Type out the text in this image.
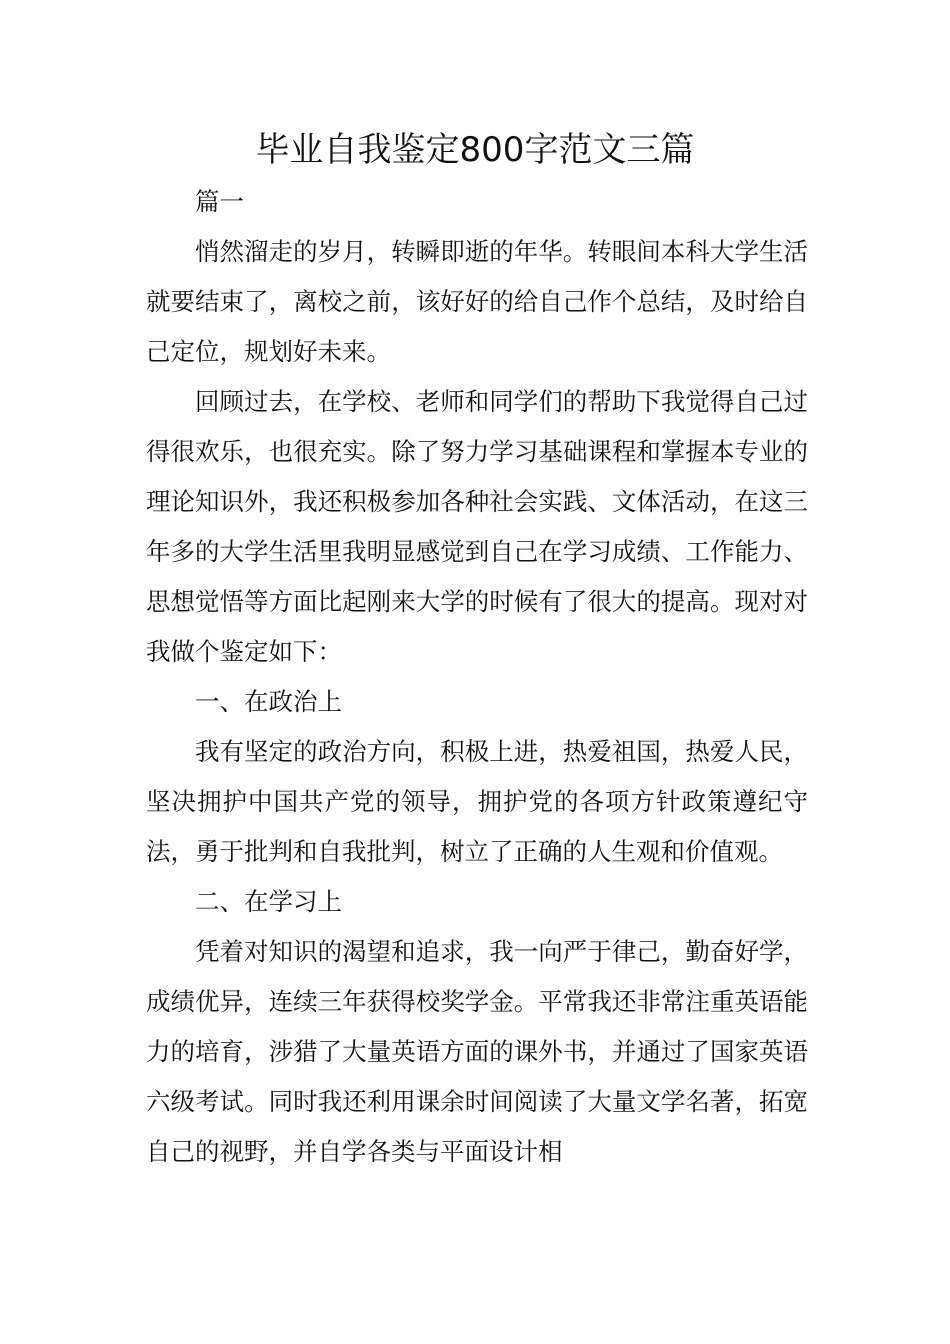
毕业自我鉴定800字范文三篇

篇一

悄然溜走的岁月，转瞬即逝的年华。转眼间本科大学生活就要结束了，离校之前，该好好的给自己作个总结，及时给自己定位，规划好未来。

回顾过去，在学校、老师和同学们的帮助下我觉得自己过得很欢乐，也很充实。除了努力学习基础课程和掌握本专业的理论知识外，我还积极参加各种社会实践、文体活动，在这三年多的大学生活里我明显感觉到自己在学习成绩、工作能力、思想觉悟等方面比起刚来大学的时候有了很大的提高。现对对我做个鉴定如下：

一、在政治上

我有坚定的政治方向，积极上进，热爱祖国，热爱人民，坚决拥护中国共产党的领导，拥护党的各项方针政策遵纪守法，勇于批判和自我批判，树立了正确的人生观和价值观。

二、在学习上

凭着对知识的渴望和追求，我一向严于律己，勤奋好学，成绩优异，连续三年获得校奖学金。平常我还非常注重英语能力的培育，涉猎了大量英语方面的课外书，并通过了国家英语六级考试。同时我还利用课余时间阅读了大量文学名著，拓宽自己的视野，并自学各类与平面设计相
